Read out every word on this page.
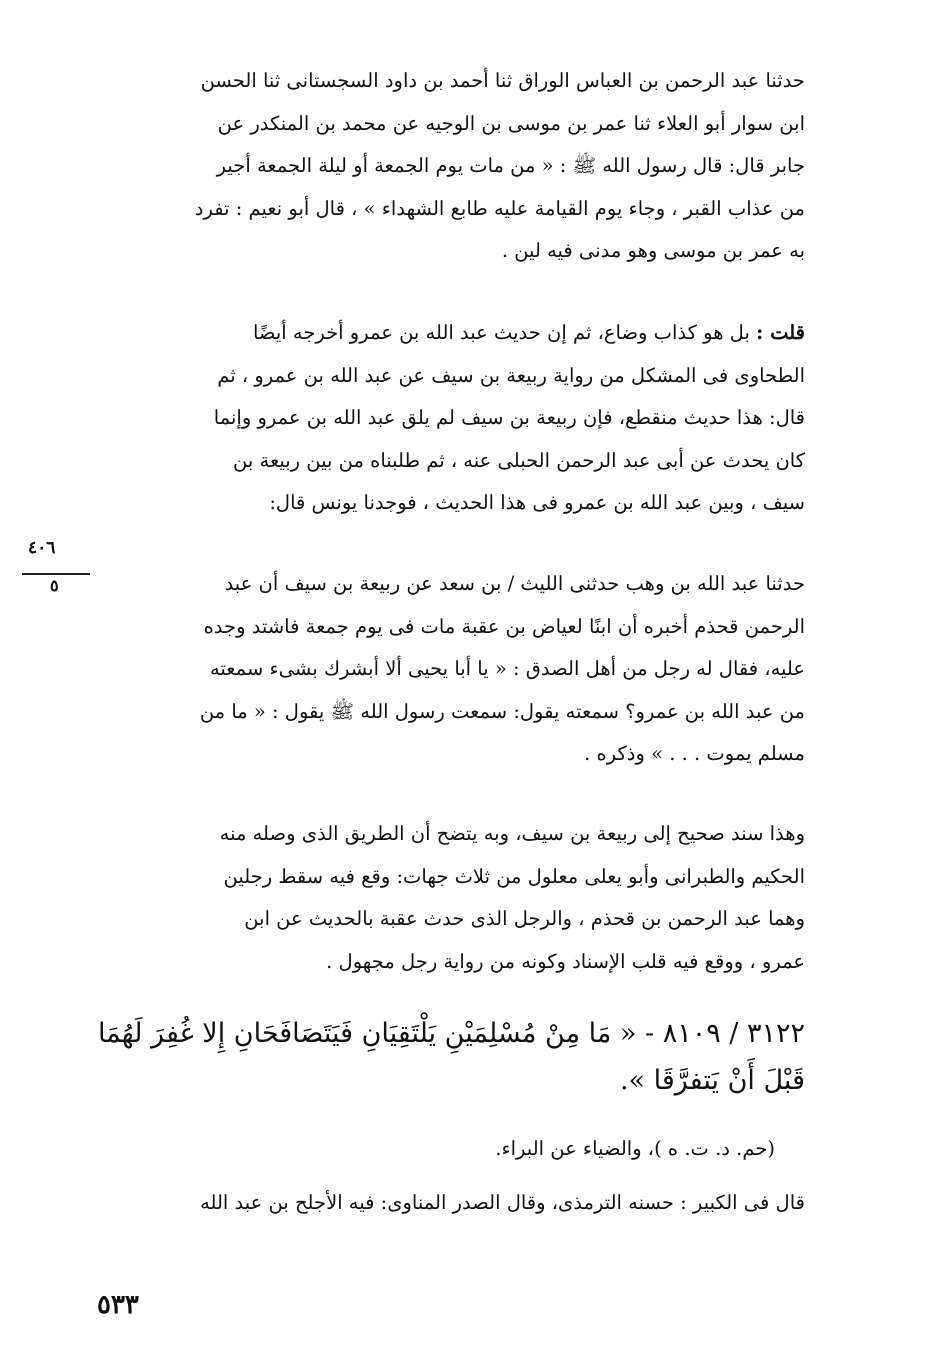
حدثنا عبد الرحمن بن العباس الوراق ثنا أحمد بن داود السجستانى ثنا الحسن
ابن سوار أبو العلاء ثنا عمر بن موسى بن الوجيه عن محمد بن المنكدر عن
جابر قال: قال رسول الله ﷺ : « من مات يوم الجمعة أو ليلة الجمعة أجير
من عذاب القبر ، وجاء يوم القيامة عليه طابع الشهداء » ، قال أبو نعيم : تفرد
به عمر بن موسى وهو مدنى فيه لين .
قلت : بل هو كذاب وضاع، ثم إن حديث عبد الله بن عمرو أخرجه أيضًا
الطحاوى فى المشكل من رواية ربيعة بن سيف عن عبد الله بن عمرو ، ثم
قال: هذا حديث منقطع، فإن ربيعة بن سيف لم يلق عبد الله بن عمرو وإنما
كان يحدث عن أبى عبد الرحمن الحبلى عنه ، ثم طلبناه من بين ربيعة بن
سيف ، وبين عبد الله بن عمرو فى هذا الحديث ، فوجدنا يونس قال:
٤٠٦
٥	حدثنا عبد الله بن وهب حدثنى الليث / بن سعد عن ربيعة بن سيف أن عبد
الرحمن قحذم أخبره أن ابنًا لعياض بن عقبة مات فى يوم جمعة فاشتد وجده
عليه، فقال له رجل من أهل الصدق : « يا أبا يحيى ألا أبشرك بشىء سمعته
من عبد الله بن عمرو؟ سمعته يقول: سمعت رسول الله ﷺ يقول : « ما من
مسلم يموت . . . » وذكره .
وهذا سند صحيح إلى ربيعة بن سيف، وبه يتضح أن الطريق الذى وصله منه
الحكيم والطبرانى وأبو يعلى معلول من ثلاث جهات: وقع فيه سقط رجلين
وهما عبد الرحمن بن قحذم ، والرجل الذى حدث عقبة بالحديث عن ابن
عمرو ، ووقع فيه قلب الإسناد وكونه من رواية رجل مجهول .
٣١٢٢ / ٨١٠٩ - « مَا مِنْ مُسْلِمَيْنِ يَلْتَقِيَانِ فَيَتَصَافَحَانِ إِلا غُفِرَ لَهُمَا
قَبْلَ أَنْ يَتفرَّقَا ».
(حم. د. ت. ه )، والضياء عن البراء.
قال فى الكبير : حسنه الترمذى، وقال الصدر المناوى: فيه الأجلح بن عبد الله
٥٣٣
